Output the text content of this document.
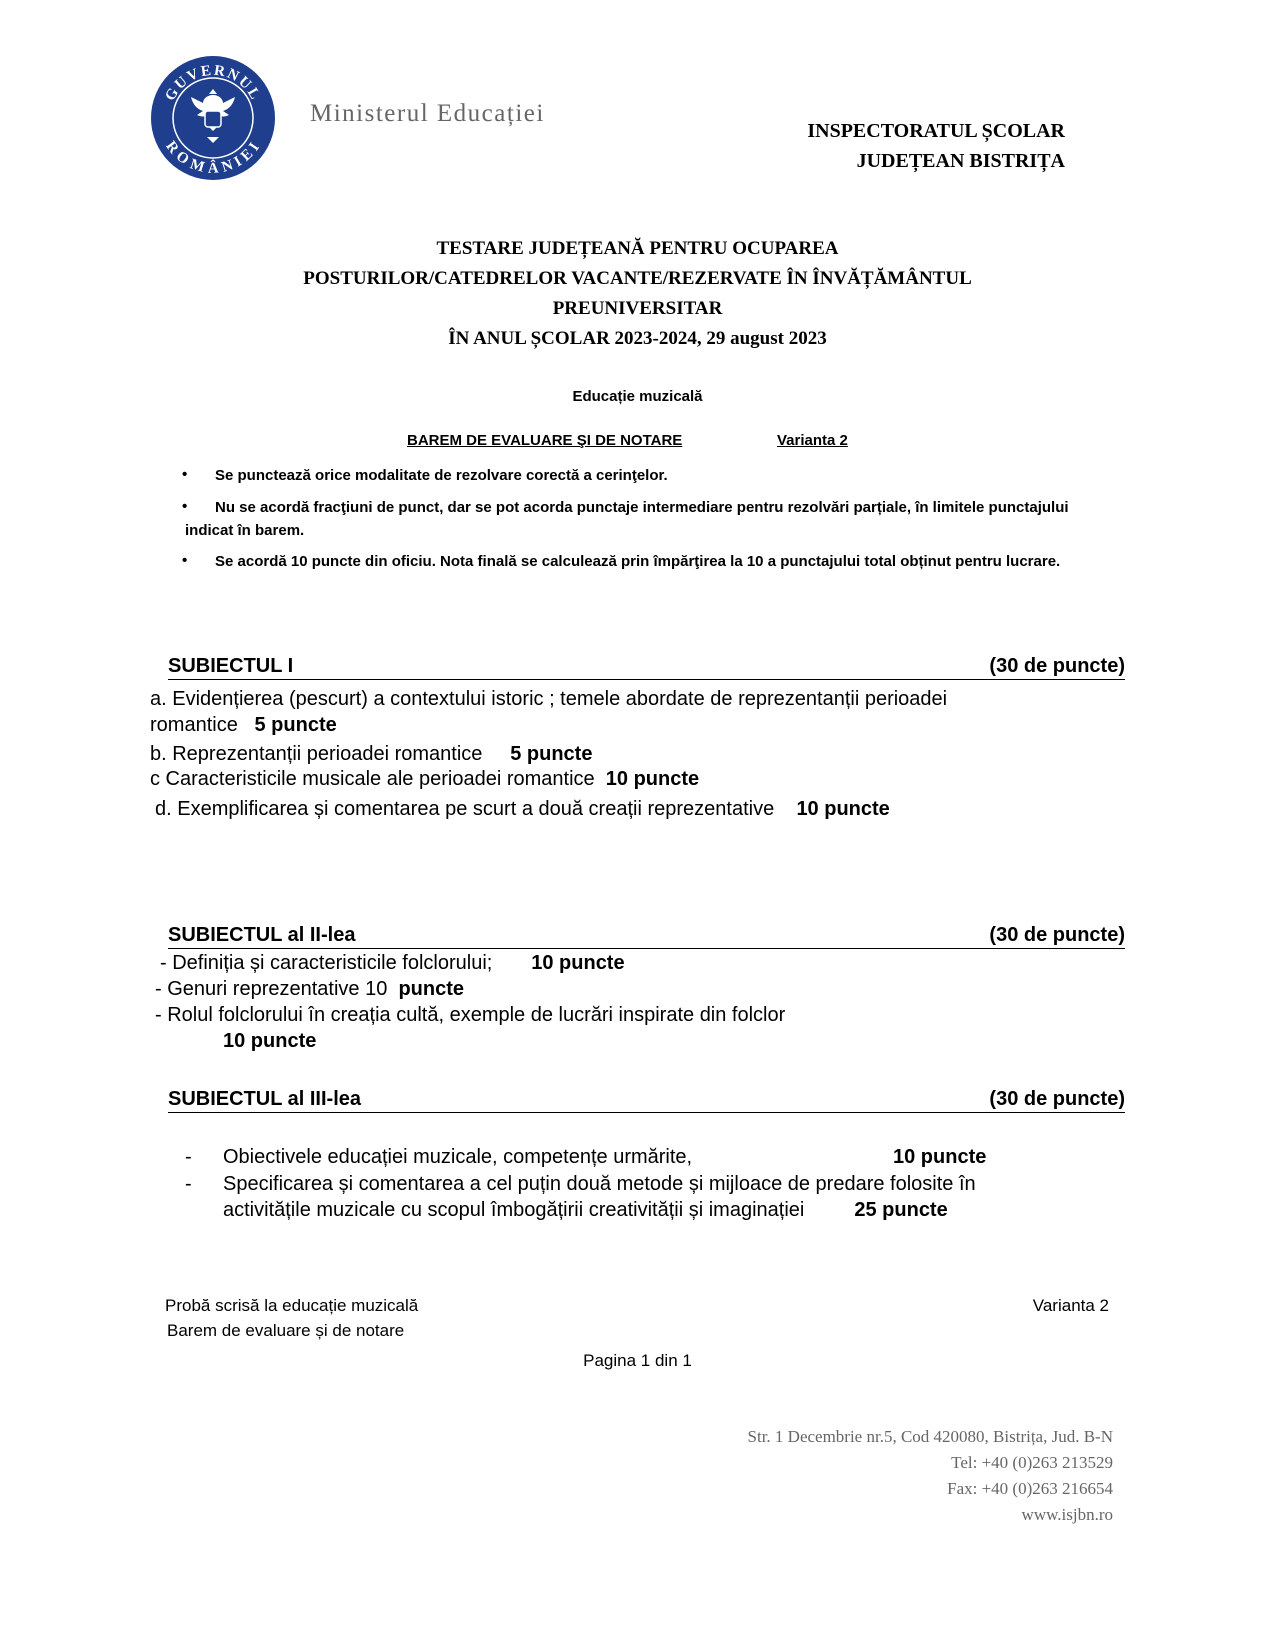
GUVERNUL
ROMÂNIEI
Ministerul Educației
INSPECTORATUL ȘCOLAR
JUDEȚEAN BISTRIȚA
TESTARE JUDEȚEANĂ PENTRU OCUPAREA
POSTURILOR/CATEDRELOR VACANTE/REZERVATE ÎN ÎNVĂȚĂMÂNTUL
PREUNIVERSITAR
ÎN ANUL ȘCOLAR 2023-2024, 29 august 2023
Educație muzicală
BAREM DE EVALUARE ŞI DE NOTARE	Varianta 2
• Se punctează orice modalitate de rezolvare corectă a cerinţelor.
• Nu se acordă fracţiuni de punct, dar se pot acorda punctaje intermediare pentru rezolvări parțiale, în limitele punctajului indicat în barem.
• Se acordă 10 puncte din oficiu. Nota finală se calculează prin împărţirea la 10 a punctajului total obținut pentru lucrare.
SUBIECTUL I	(30 de puncte)
a. Evidențierea (pescurt) a contextului istoric ; temele abordate de reprezentanții perioadei
romantice 5 puncte
b. Reprezentanții perioadei romantice 5 puncte
c Caracteristicile musicale ale perioadei romantice 10 puncte
d. Exemplificarea și comentarea pe scurt a două creații reprezentative 10 puncte
SUBIECTUL al II-lea	(30 de puncte)
- Definiția și caracteristicile folclorului; 10 puncte
- Genuri reprezentative 10 puncte
- Rolul folclorului în creația cultă, exemple de lucrări inspirate din folclor
10 puncte
SUBIECTUL al III-lea	(30 de puncte)
- Obiectivele educației muzicale, competențe urmărite,	10 puncte
- Specificarea și comentarea a cel puțin două metode și mijloace de predare folosite în
activitățile muzicale cu scopul îmbogățirii creativității și imaginației	25 puncte
Probă scrisă la educație muzicală
Barem de evaluare și de notare
Varianta 2
Pagina 1 din 1
Str. 1 Decembrie nr.5, Cod 420080, Bistrița, Jud. B-N
Tel: +40 (0)263 213529
Fax: +40 (0)263 216654
www.isjbn.ro
